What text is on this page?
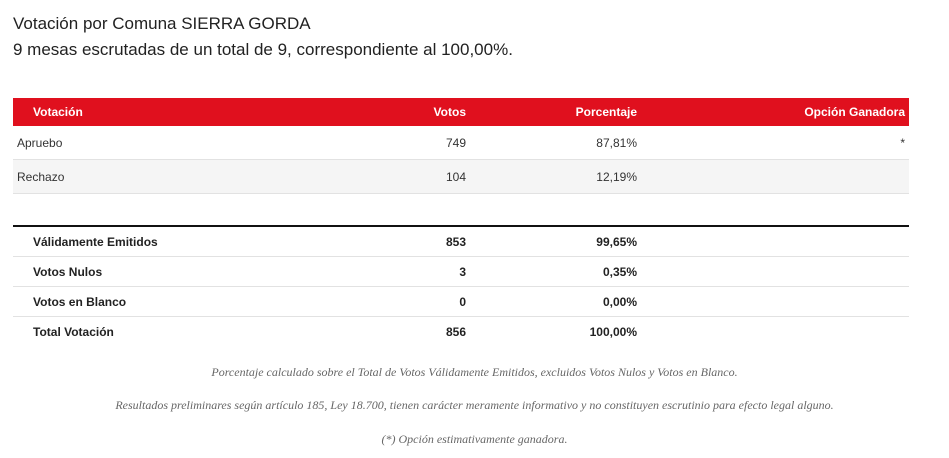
Votación por Comuna SIERRA GORDA
9 mesas escrutadas de un total de 9, correspondiente al 100,00%.
Votación	Votos	Porcentaje	Opción Ganadora
Apruebo	749	87,81%	*
Rechazo	104	12,19%
Válidamente Emitidos	853	99,65%
Votos Nulos	3	0,35%
Votos en Blanco	0	0,00%
Total Votación	856	100,00%
Porcentaje calculado sobre el Total de Votos Válidamente Emitidos, excluidos Votos Nulos y Votos en Blanco.
Resultados preliminares según artículo 185, Ley 18.700, tienen carácter meramente informativo y no constituyen escrutinio para efecto legal alguno.
(*) Opción estimativamente ganadora.
